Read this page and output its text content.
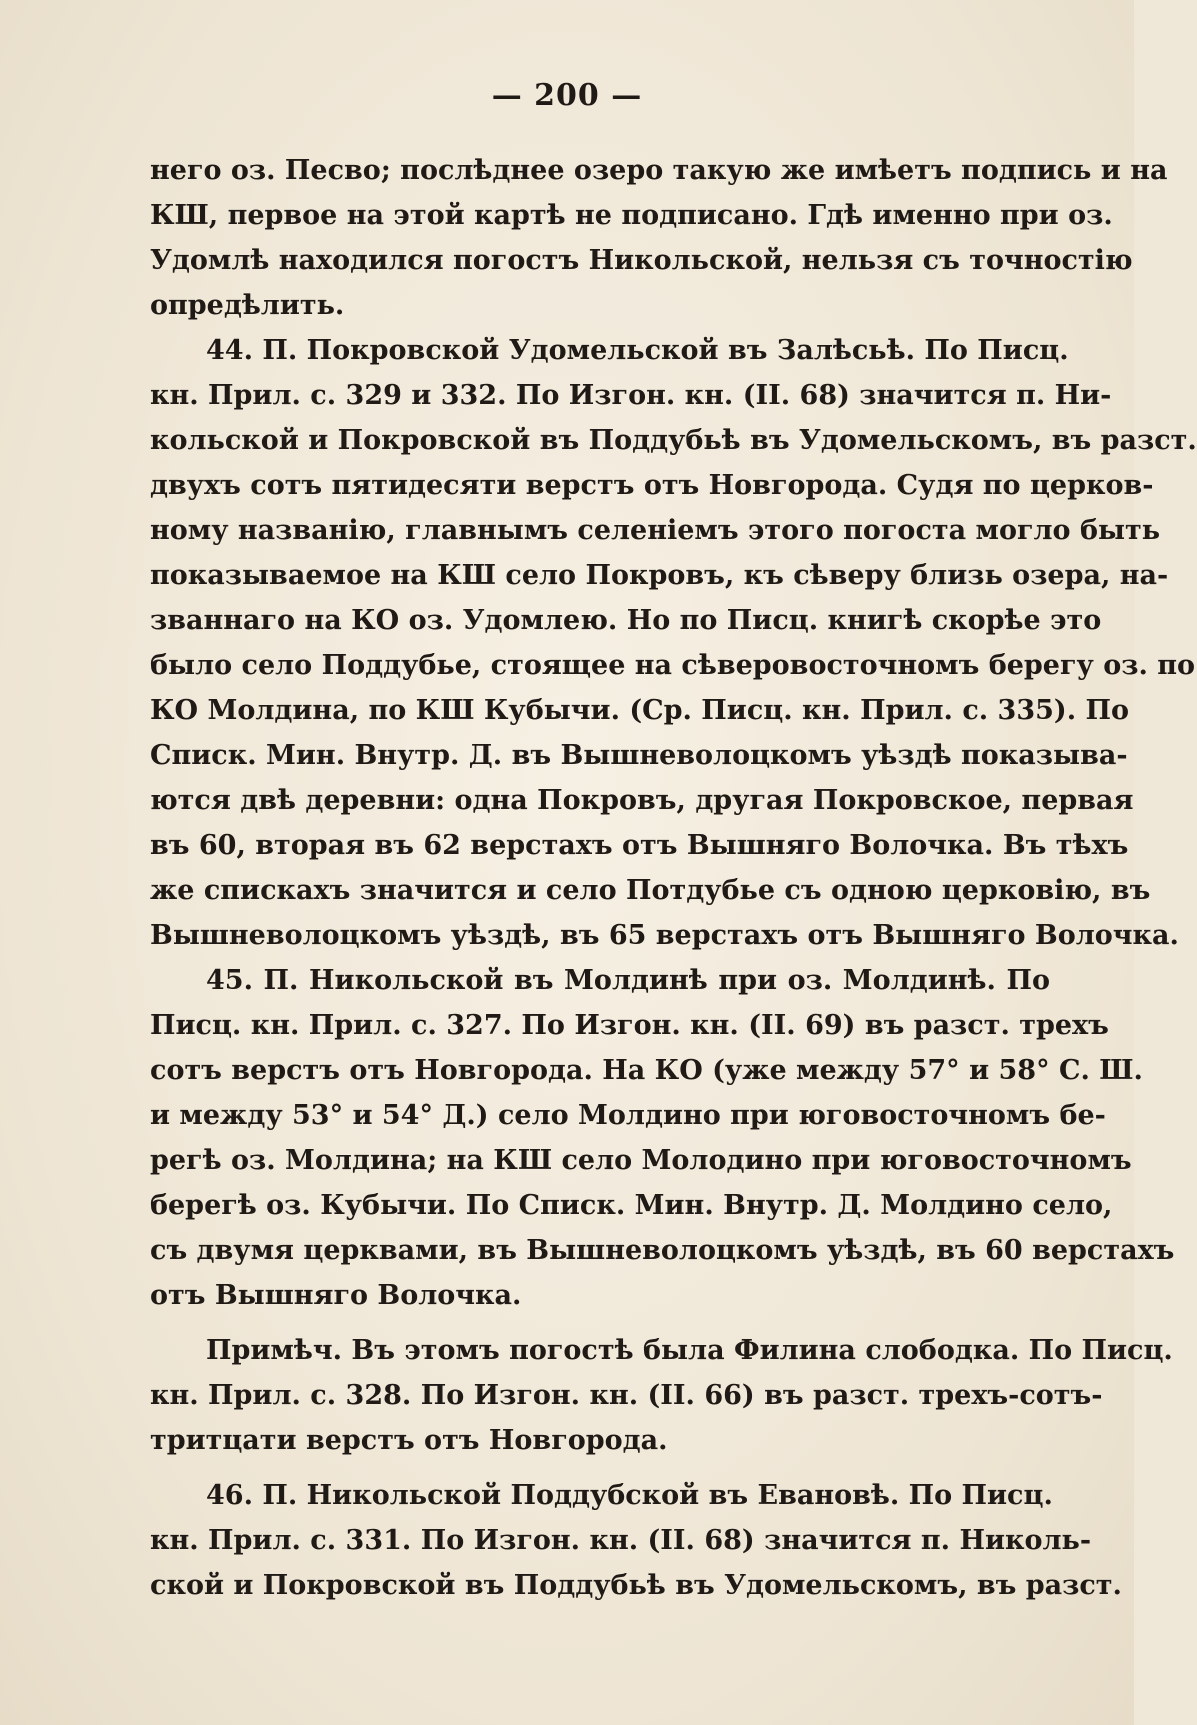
— 200 —
него оз. Песво; послѣднее озеро такую же имѣетъ подпись и на
КШ, первое на этой картѣ не подписано. Гдѣ именно при оз.
Удомлѣ находился погостъ Никольской, нельзя съ точностію
опредѣлить.
44. П. Покровской Удомельской въ Залѣсьѣ. По Писц.
кн. Прил. с. 329 и 332. По Изгон. кн. (II. 68) значится п. Ни-
кольской и Покровской въ Поддубьѣ въ Удомельскомъ, въ разст.
двухъ сотъ пятидесяти верстъ отъ Новгорода. Судя по церков-
ному названію, главнымъ селеніемъ этого погоста могло быть
показываемое на КШ село Покровъ, къ сѣверу близь озера, на-
званнаго на КО оз. Удомлею. Но по Писц. книгѣ скорѣе это
было село Поддубье, стоящее на сѣверовосточномъ берегу оз. по
КО Молдина, по КШ Кубычи. (Ср. Писц. кн. Прил. с. 335). По
Списк. Мин. Внутр. Д. въ Вышневолоцкомъ уѣздѣ показыва-
ются двѣ деревни: одна Покровъ, другая Покровское, первая
въ 60, вторая въ 62 верстахъ отъ Вышняго Волочка. Въ тѣхъ
же спискахъ значится и село Потдубье съ одною церковію, въ
Вышневолоцкомъ уѣздѣ, въ 65 верстахъ отъ Вышняго Волочка.
45. П. Никольской въ Молдинѣ при оз. Молдинѣ. По
Писц. кн. Прил. с. 327. По Изгон. кн. (II. 69) въ разст. трехъ
сотъ верстъ отъ Новгорода. На КО (уже между 57° и 58° С. Ш.
и между 53° и 54° Д.) село Молдино при юговосточномъ бе-
регѣ оз. Молдина; на КШ село Молодино при юговосточномъ
берегѣ оз. Кубычи. По Списк. Мин. Внутр. Д. Молдино село,
съ двумя церквами, въ Вышневолоцкомъ уѣздѣ, въ 60 верстахъ
отъ Вышняго Волочка.
Примѣч. Въ этомъ погостѣ была Филина слободка. По Писц.
кн. Прил. с. 328. По Изгон. кн. (II. 66) въ разст. трехъ-сотъ-
тритцати верстъ отъ Новгорода.
46. П. Никольской Поддубской въ Евановѣ. По Писц.
кн. Прил. с. 331. По Изгон. кн. (II. 68) значится п. Николь-
ской и Покровской въ Поддубьѣ въ Удомельскомъ, въ разст.
